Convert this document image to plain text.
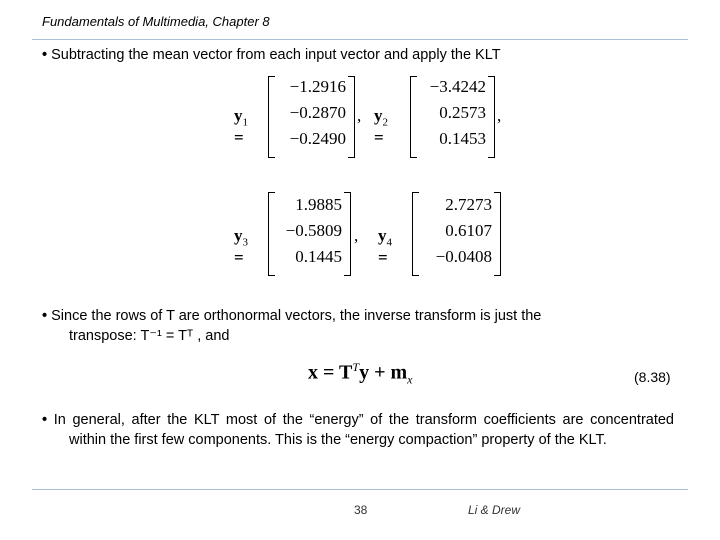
Fundamentals of Multimedia, Chapter 8
• Subtracting the mean vector from each input vector and apply the KLT
$y_1$ =
−1.2916
−0.2870
−0.2490
, $y_2$ =
−3.4242
0.2573
0.1453
,
$y_3$ =
1.9885
−0.5809
0.1445
, $y_4$ =
2.7273
0.6107
−0.0408
• Since the rows of T are orthonormal vectors, the inverse transform is just the
transpose: T⁻¹ = Tᵀ , and
$x = T^Ty + m_x$	(8.38)
• In general, after the KLT most of the “energy” of the transform coefficients are concentrated within the first few components. This is the “energy compaction” property of the KLT.
38	Li & Drew
